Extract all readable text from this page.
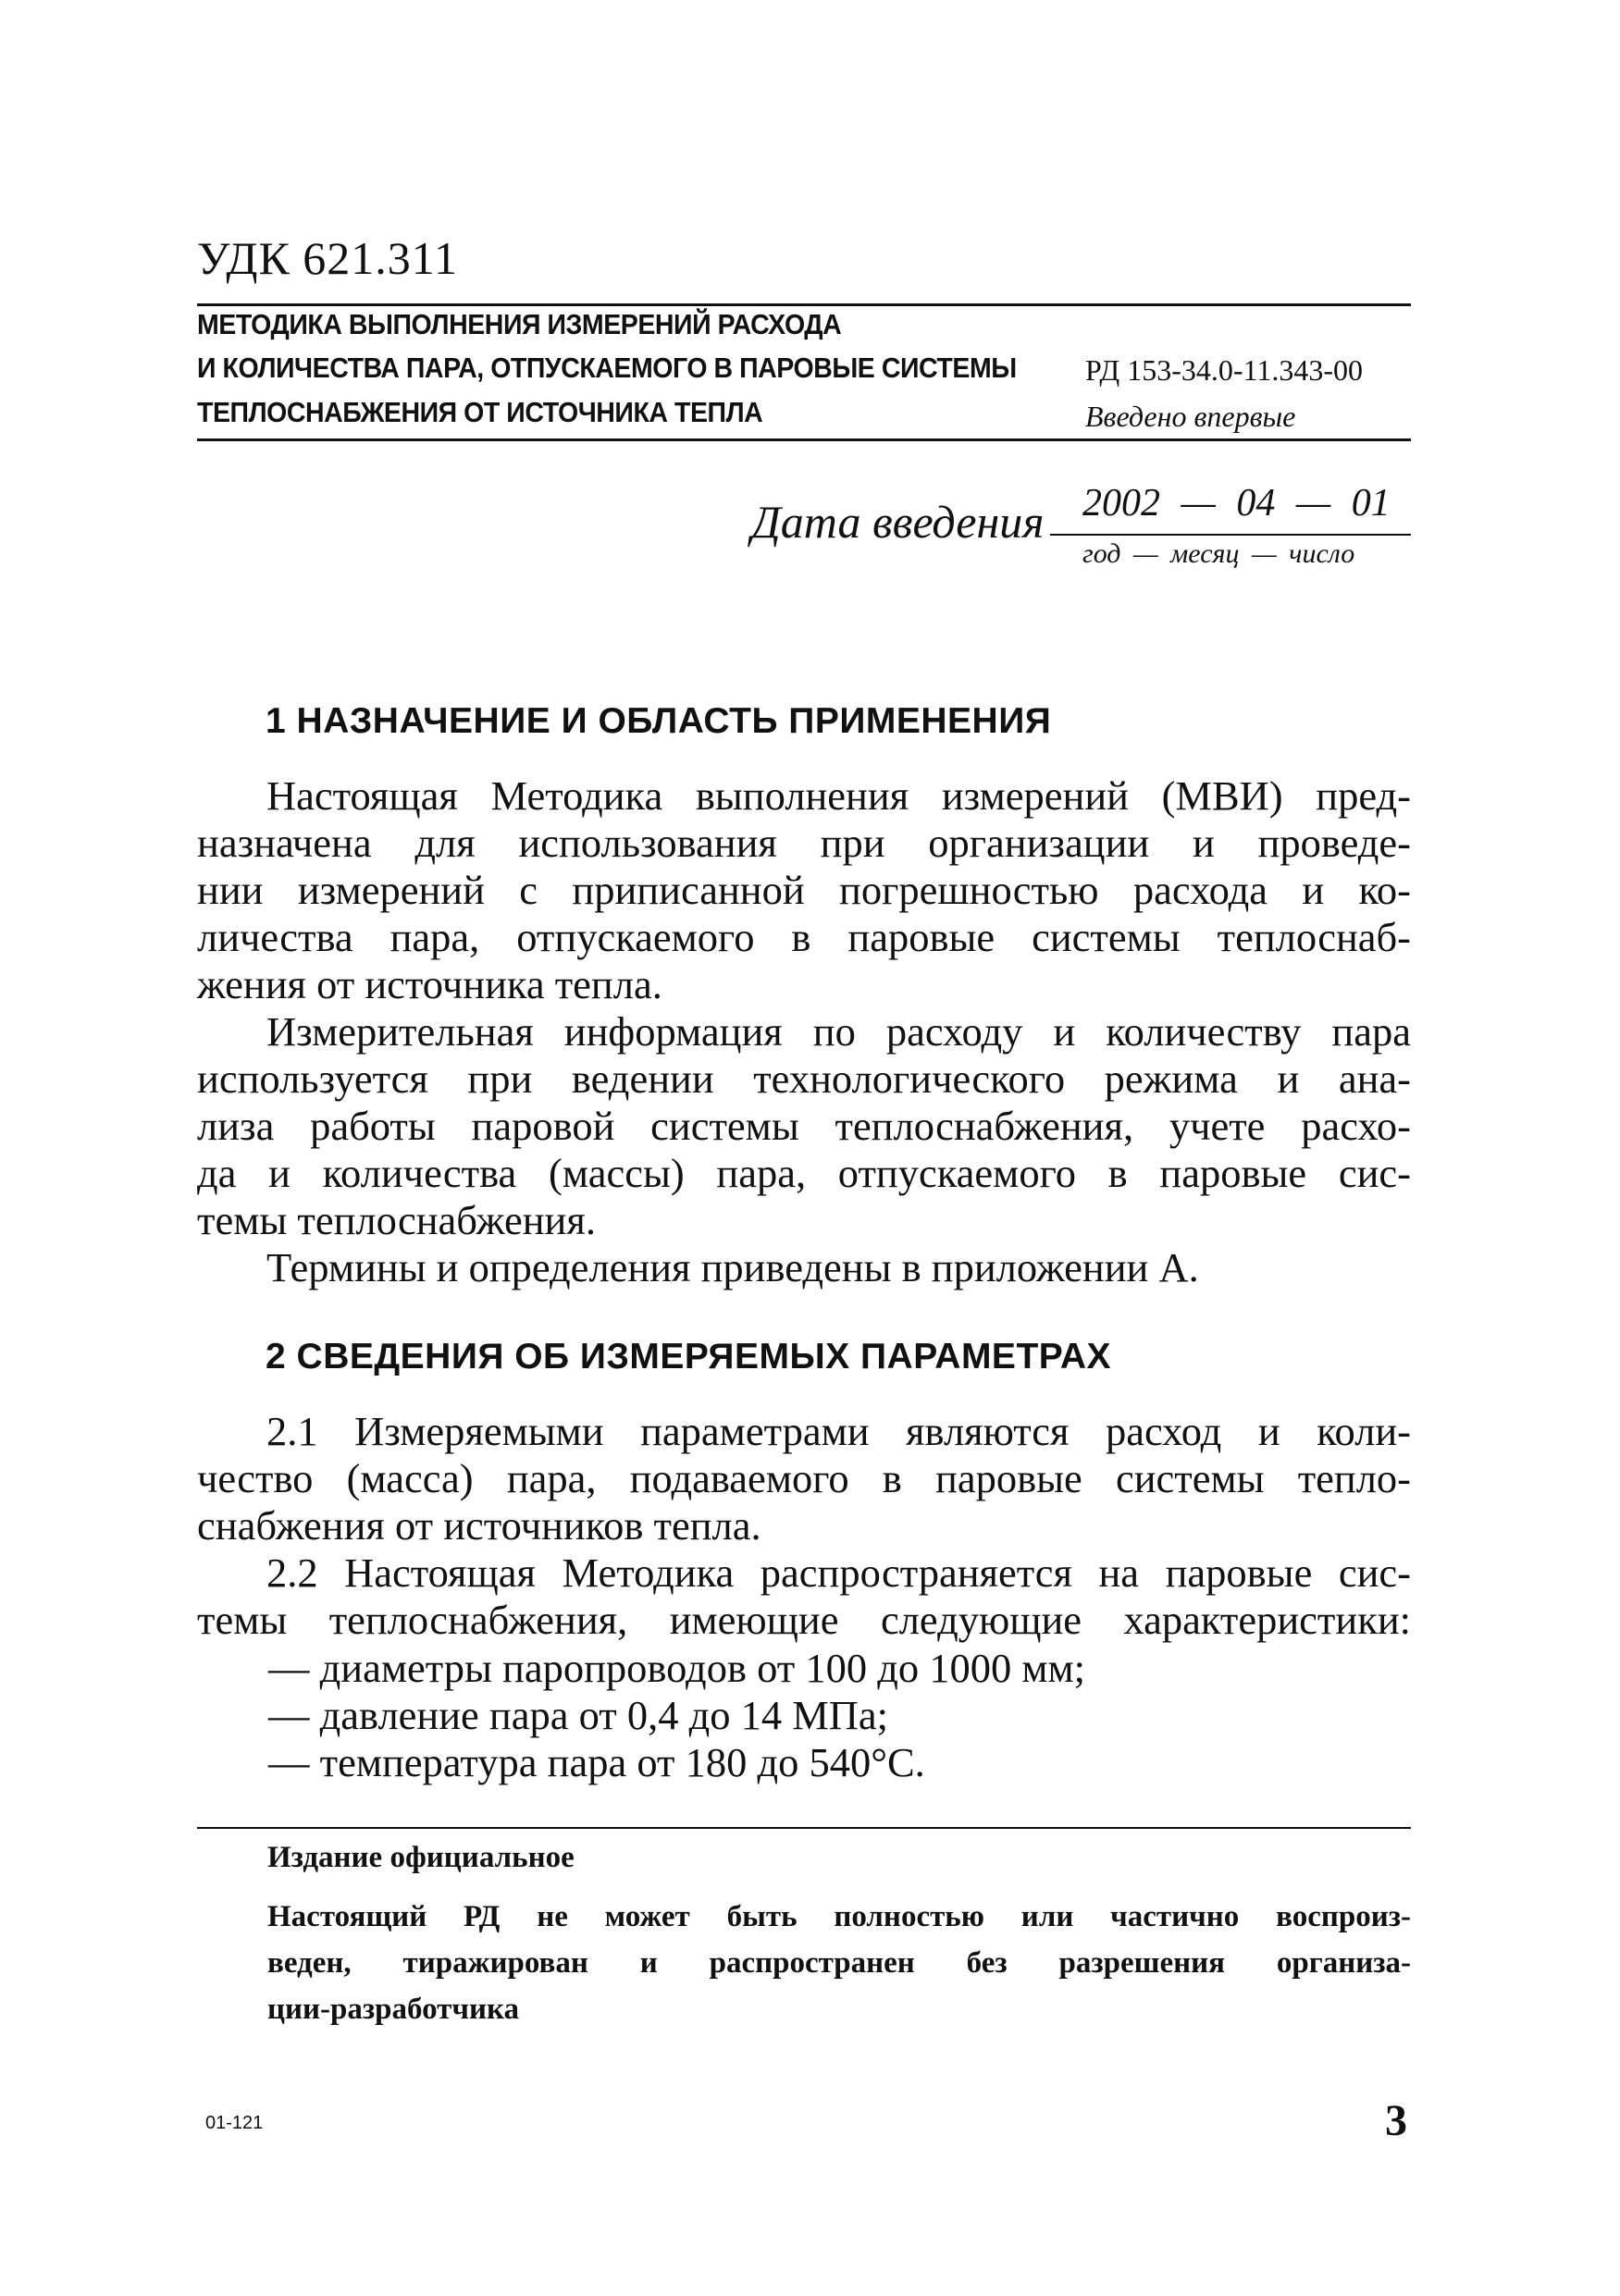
УДК 621.311
МЕТОДИКА ВЫПОЛНЕНИЯ ИЗМЕРЕНИЙ РАСХОДА
И КОЛИЧЕСТВА ПАРА, ОТПУСКАЕМОГО В ПАРОВЫЕ СИСТЕМЫ
ТЕПЛОСНАБЖЕНИЯ ОТ ИСТОЧНИКА ТЕПЛА
РД 153-34.0-11.343-00
Введено впервые
Дата введения 2002 — 04 — 01
год — месяц — число
1 НАЗНАЧЕНИЕ И ОБЛАСТЬ ПРИМЕНЕНИЯ
Настоящая Методика выполнения измерений (МВИ) пред-
назначена для использования при организации и проведе-
нии измерений с приписанной погрешностью расхода и ко-
личества пара, отпускаемого в паровые системы теплоснаб-
жения от источника тепла.
Измерительная информация по расходу и количеству пара
используется при ведении технологического режима и ана-
лиза работы паровой системы теплоснабжения, учете расхо-
да и количества (массы) пара, отпускаемого в паровые сис-
темы теплоснабжения.
Термины и определения приведены в приложении А.
2 СВЕДЕНИЯ ОБ ИЗМЕРЯЕМЫХ ПАРАМЕТРАХ
2.1 Измеряемыми параметрами являются расход и коли-
чество (масса) пара, подаваемого в паровые системы тепло-
снабжения от источников тепла.
2.2 Настоящая Методика распространяется на паровые сис-
темы теплоснабжения, имеющие следующие характеристики:
— диаметры паропроводов от 100 до 1000 мм;
— давление пара от 0,4 до 14 МПа;
— температура пара от 180 до 540°С.
Издание официальное
Настоящий РД не может быть полностью или частично воспроиз-
веден, тиражирован и распространен без разрешения организа-
ции-разработчика
01-121	3
